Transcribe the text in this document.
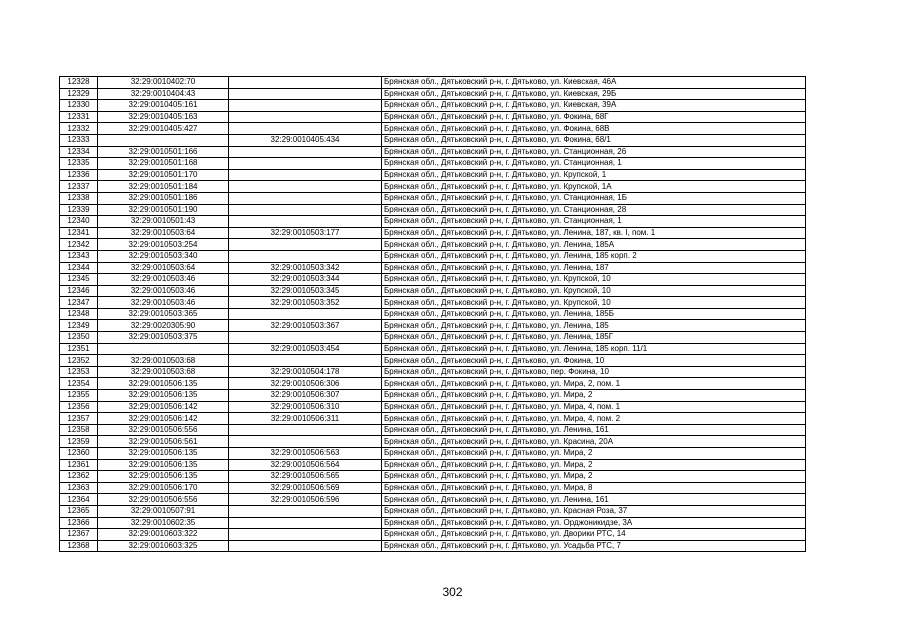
12328	32:29:0010402:70		Брянская обл., Дятьковский р-н, г. Дятьково, ул. Киевская, 46А
12329	32:29:0010404:43		Брянская обл., Дятьковский р-н, г. Дятьково, ул. Киевская, 29Б
12330	32:29:0010405:161		Брянская обл., Дятьковский р-н, г. Дятьково, ул. Киевская, 39А
12331	32:29:0010405:163		Брянская обл., Дятьковский р-н, г. Дятьково, ул. Фокина, 68Г
12332	32:29:0010405:427		Брянская обл., Дятьковский р-н, г. Дятьково, ул. Фокина, 68В
12333		32:29:0010405:434	Брянская обл., Дятьковский р-н, г. Дятьково, ул. Фокина, 68/1
12334	32:29:0010501:166		Брянская обл., Дятьковский р-н, г. Дятьково, ул. Станционная, 26
12335	32:29:0010501:168		Брянская обл., Дятьковский р-н, г. Дятьково, ул. Станционная, 1
12336	32:29:0010501:170		Брянская обл., Дятьковский р-н, г. Дятьково, ул. Крупской, 1
12337	32:29:0010501:184		Брянская обл., Дятьковский р-н, г. Дятьково, ул. Крупской, 1А
12338	32:29:0010501:186		Брянская обл., Дятьковский р-н, г. Дятьково, ул. Станционная, 1Б
12339	32:29:0010501:190		Брянская обл., Дятьковский р-н, г. Дятьково, ул. Станционная, 28
12340	32:29:0010501:43		Брянская обл., Дятьковский р-н, г. Дятьково, ул. Станционная, 1
12341	32:29:0010503:64	32:29:0010503:177	Брянская обл., Дятьковский р-н, г. Дятьково, ул. Ленина, 187, кв. I, пом. 1
12342	32:29:0010503:254		Брянская обл., Дятьковский р-н, г. Дятьково, ул. Ленина, 185А
12343	32:29:0010503:340		Брянская обл., Дятьковский р-н, г. Дятьково, ул. Ленина, 185 корп. 2
12344	32:29:0010503:64	32:29:0010503:342	Брянская обл., Дятьковский р-н, г. Дятьково, ул. Ленина, 187
12345	32:29:0010503:46	32:29:0010503:344	Брянская обл., Дятьковский р-н, г. Дятьково, ул. Крупской, 10
12346	32:29:0010503:46	32:29:0010503:345	Брянская обл., Дятьковский р-н, г. Дятьково, ул. Крупской, 10
12347	32:29:0010503:46	32:29:0010503:352	Брянская обл., Дятьковский р-н, г. Дятьково, ул. Крупской, 10
12348	32:29:0010503:365		Брянская обл., Дятьковский р-н, г. Дятьково, ул. Ленина, 185Б
12349	32:29:0020305:90	32:29:0010503:367	Брянская обл., Дятьковский р-н, г. Дятьково, ул. Ленина, 185
12350	32:29:0010503:375		Брянская обл., Дятьковский р-н, г. Дятьково, ул. Ленина, 185Г
12351		32:29:0010503:454	Брянская обл., Дятьковский р-н, г. Дятьково, ул. Ленина, 185 корп. 11/1
12352	32:29:0010503:68		Брянская обл., Дятьковский р-н, г. Дятьково, ул. Фокина, 10
12353	32:29:0010503:68	32:29:0010504:178	Брянская обл., Дятьковский р-н, г. Дятьково, пер. Фокина, 10
12354	32:29:0010506:135	32:29:0010506:306	Брянская обл., Дятьковский р-н, г. Дятьково, ул. Мира, 2, пом. 1
12355	32:29:0010506:135	32:29:0010506:307	Брянская обл., Дятьковский р-н, г. Дятьково, ул. Мира, 2
12356	32:29:0010506:142	32:29:0010506:310	Брянская обл., Дятьковский р-н, г. Дятьково, ул. Мира, 4, пом. 1
12357	32:29:0010506:142	32:29:0010506:311	Брянская обл., Дятьковский р-н, г. Дятьково, ул. Мира, 4, пом. 2
12358	32:29:0010506:556		Брянская обл., Дятьковский р-н, г. Дятьково, ул. Ленина, 161
12359	32:29:0010506:561		Брянская обл., Дятьковский р-н, г. Дятьково, ул. Красина, 20А
12360	32:29:0010506:135	32:29:0010506:563	Брянская обл., Дятьковский р-н, г. Дятьково, ул. Мира, 2
12361	32:29:0010506:135	32:29:0010506:564	Брянская обл., Дятьковский р-н, г. Дятьково, ул. Мира, 2
12362	32:29:0010506:135	32:29:0010506:565	Брянская обл., Дятьковский р-н, г. Дятьково, ул. Мира, 2
12363	32:29:0010506:170	32:29:0010506:569	Брянская обл., Дятьковский р-н, г. Дятьково, ул. Мира, 8
12364	32:29:0010506:556	32:29:0010506:596	Брянская обл., Дятьковский р-н, г. Дятьково, ул. Ленина, 161
12365	32:29:0010507:91		Брянская обл., Дятьковский р-н, г. Дятьково, ул. Красная Роза, 37
12366	32:29:0010602:35		Брянская обл., Дятьковский р-н, г. Дятьково, ул. Орджоникидзе, 3А
12367	32:29:0010603:322		Брянская обл., Дятьковский р-н, г. Дятьково, ул. Дворики РТС, 14
12368	32:29:0010603:325		Брянская обл., Дятьковский р-н, г. Дятьково, ул. Усадьба РТС, 7
302
